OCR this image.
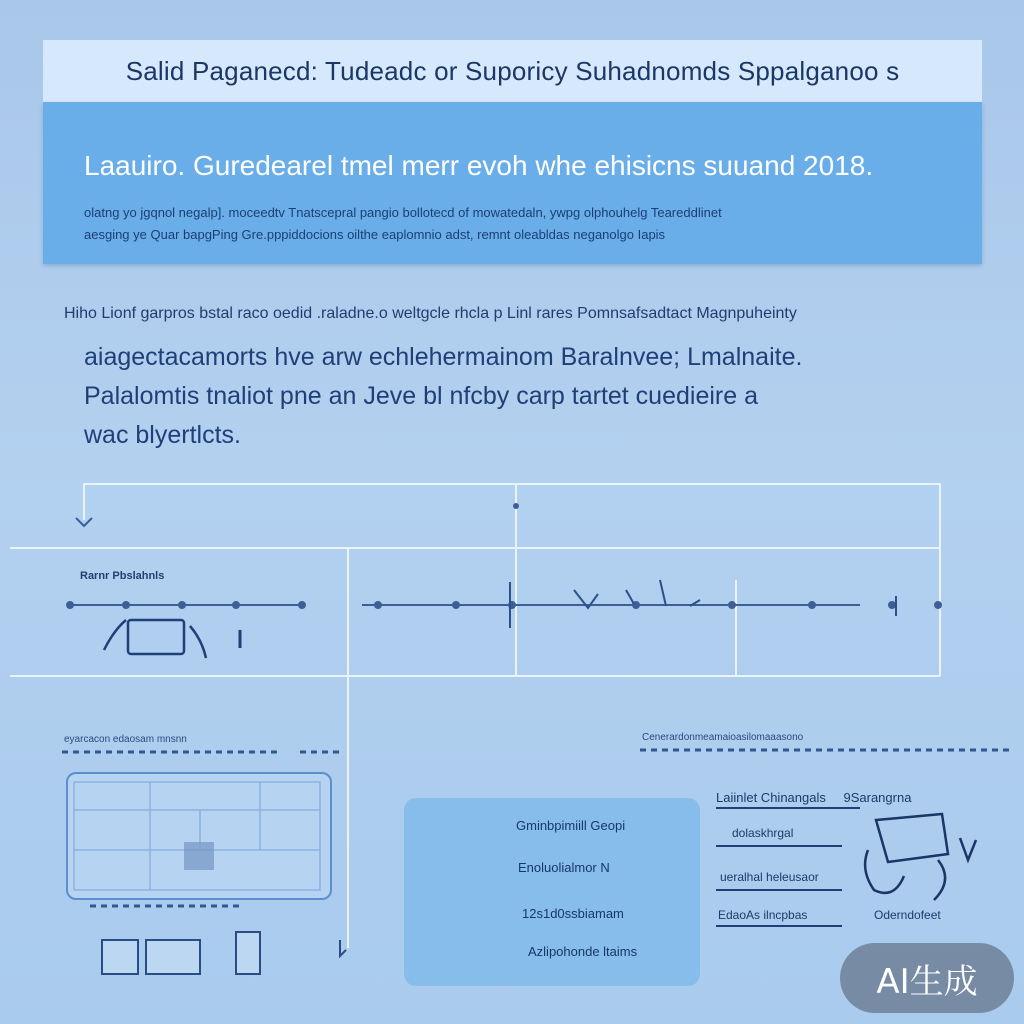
Salid Paganecd: Tudeadc or Suporicy Suhadnomds Sppalganoo s
Laauiro. Guredearel tmel merr evoh whe ehisicns suuand 2018.
olatng yo jgqnol negalp]. moceedtv Tnatscepral pangio bollotecd of mowatedaln, ywpg olphouhelg Teareddlinet
aesging ye Quar bapgPing Gre.pppiddocions oilthe eaplomnio adst, remnt oleabldas neganolgo Iapis
Hiho Lionf garpros bstal raco oedid .raladne.o weltgcle rhcla p Linl rares Pomnsafsadtact Magnpuheinty
aiagectacamorts hve arw echlehermainom Baralnvee; Lmalnaite.
Palalomtis tnaliot pne an Jeve bl nfcby carp tartet cuedieire a
wac blyertlcts.
Rarnr Pbslahnls
eyarcacon edaosam mnsnn	Cenerardonmeamaioasilomaaasono
Gminbpimiill Geopi
Enoluolialmor N
12s1d0ssbiamam
Azlipohonde ltaims
Laiinlet Chinangals 9Sarangrna
dolaskhrgal
ueralhal heleusaor
EdaoAs ilncpbas	Oderndofeet
AI生成
